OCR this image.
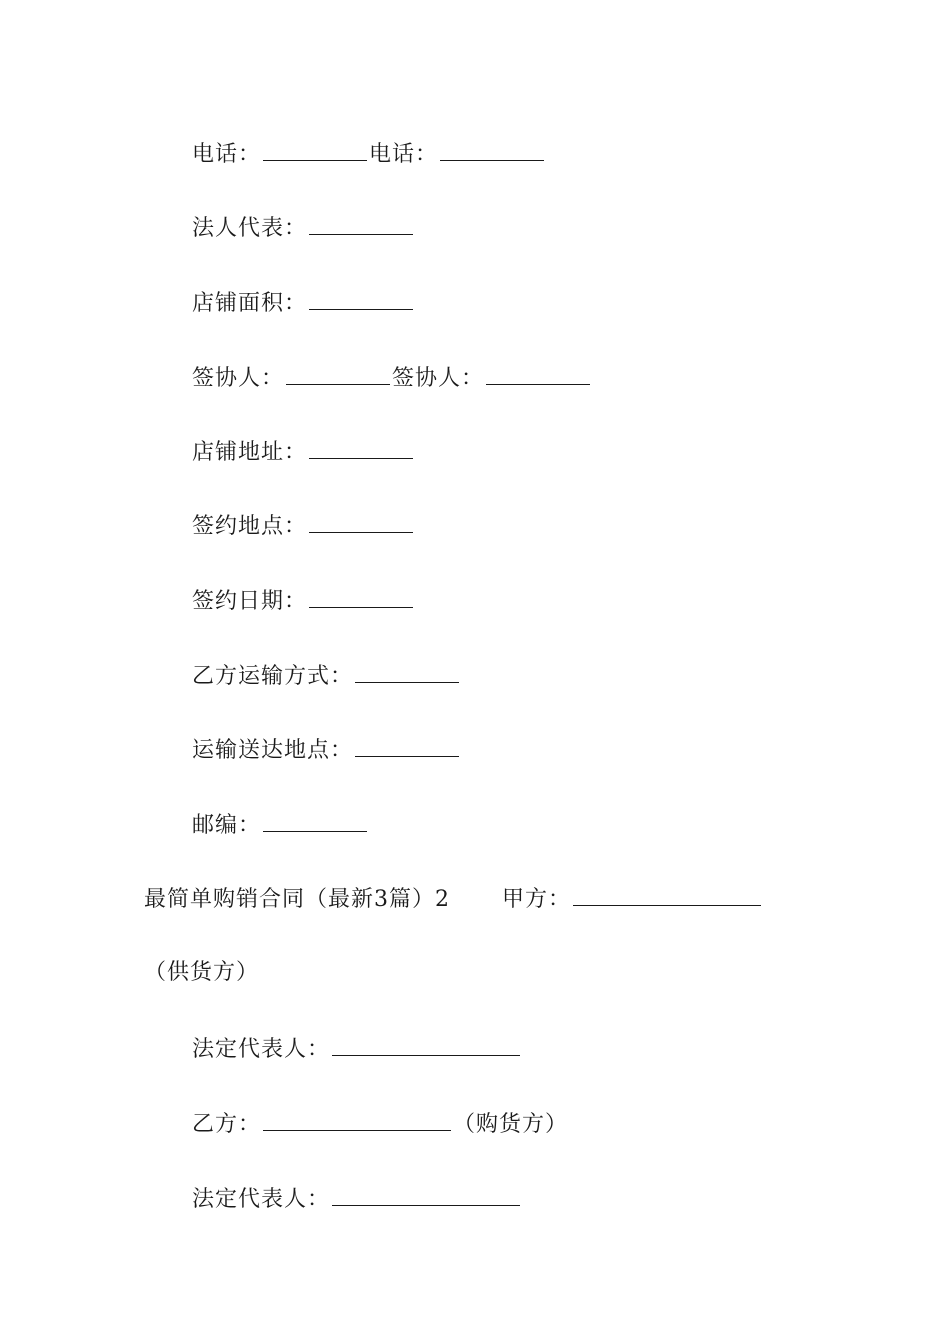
电话：	电话：
法人代表：
店铺面积：
签协人：	签协人：
店铺地址：
签约地点：
签约日期：
乙方运输方式：
运输送达地点：
邮编：
最简单购销合同（最新3篇）2 甲方：
（供货方）
法定代表人：
乙方：	（购货方）
法定代表人：
